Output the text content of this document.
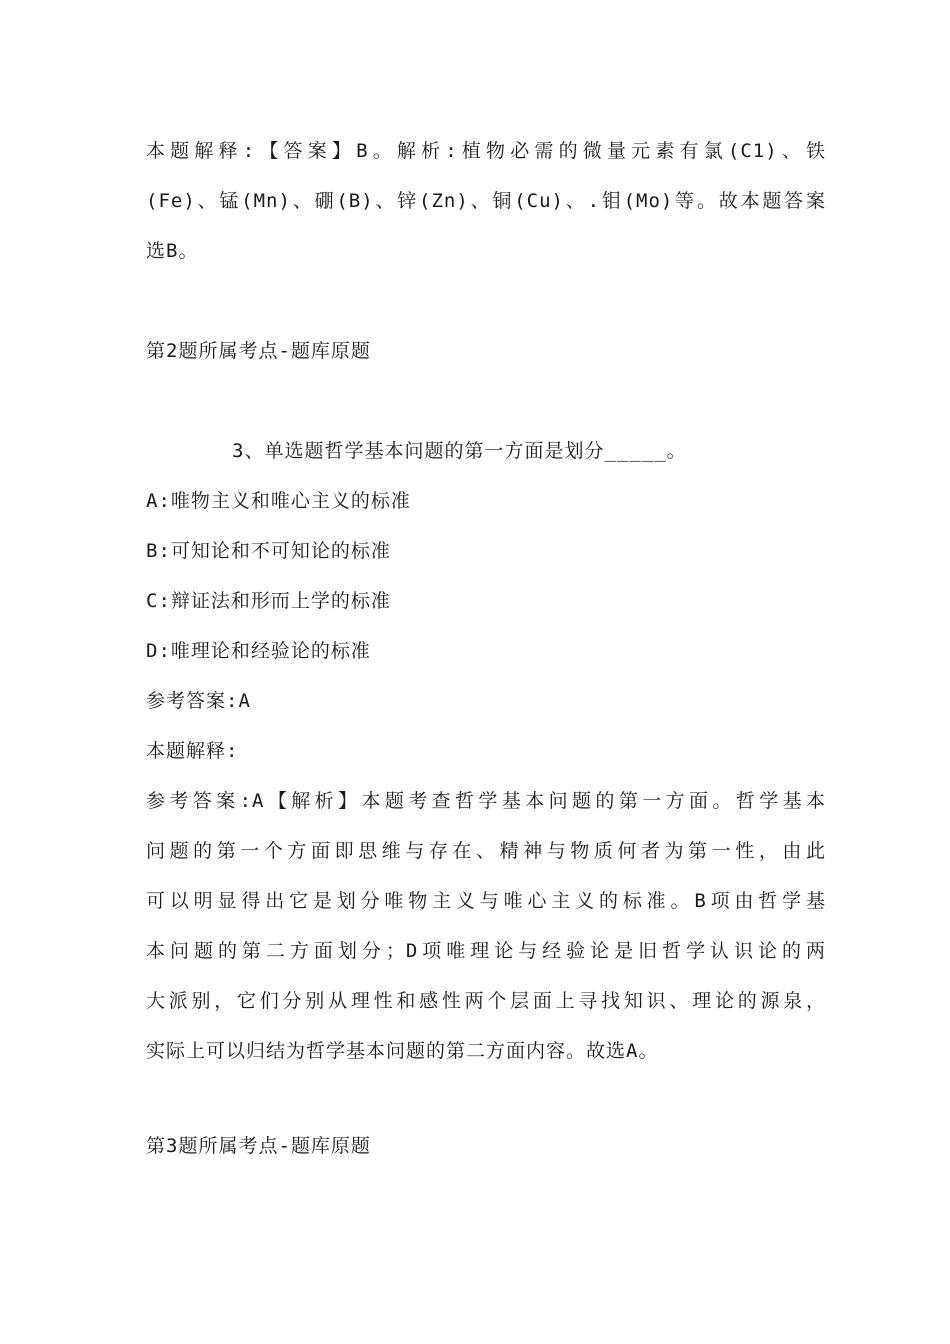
本题解释:【答案】B。解析:植物必需的微量元素有氯(C1)、铁
(Fe)、锰(Mn)、硼(B)、锌(Zn)、铜(Cu)、.钼(Mo)等。故本题答案
选B。
第2题所属考点-题库原题
3、单选题哲学基本问题的第一方面是划分_____。
A:唯物主义和唯心主义的标准
B:可知论和不可知论的标准
C:辩证法和形而上学的标准
D:唯理论和经验论的标准
参考答案:A
本题解释:
参考答案:A【解析】本题考查哲学基本问题的第一方面。哲学基本
问题的第一个方面即思维与存在、精神与物质何者为第一性，由此
可以明显得出它是划分唯物主义与唯心主义的标准。B项由哲学基
本问题的第二方面划分；D项唯理论与经验论是旧哲学认识论的两
大派别，它们分别从理性和感性两个层面上寻找知识、理论的源泉，
实际上可以归结为哲学基本问题的第二方面内容。故选A。
第3题所属考点-题库原题
